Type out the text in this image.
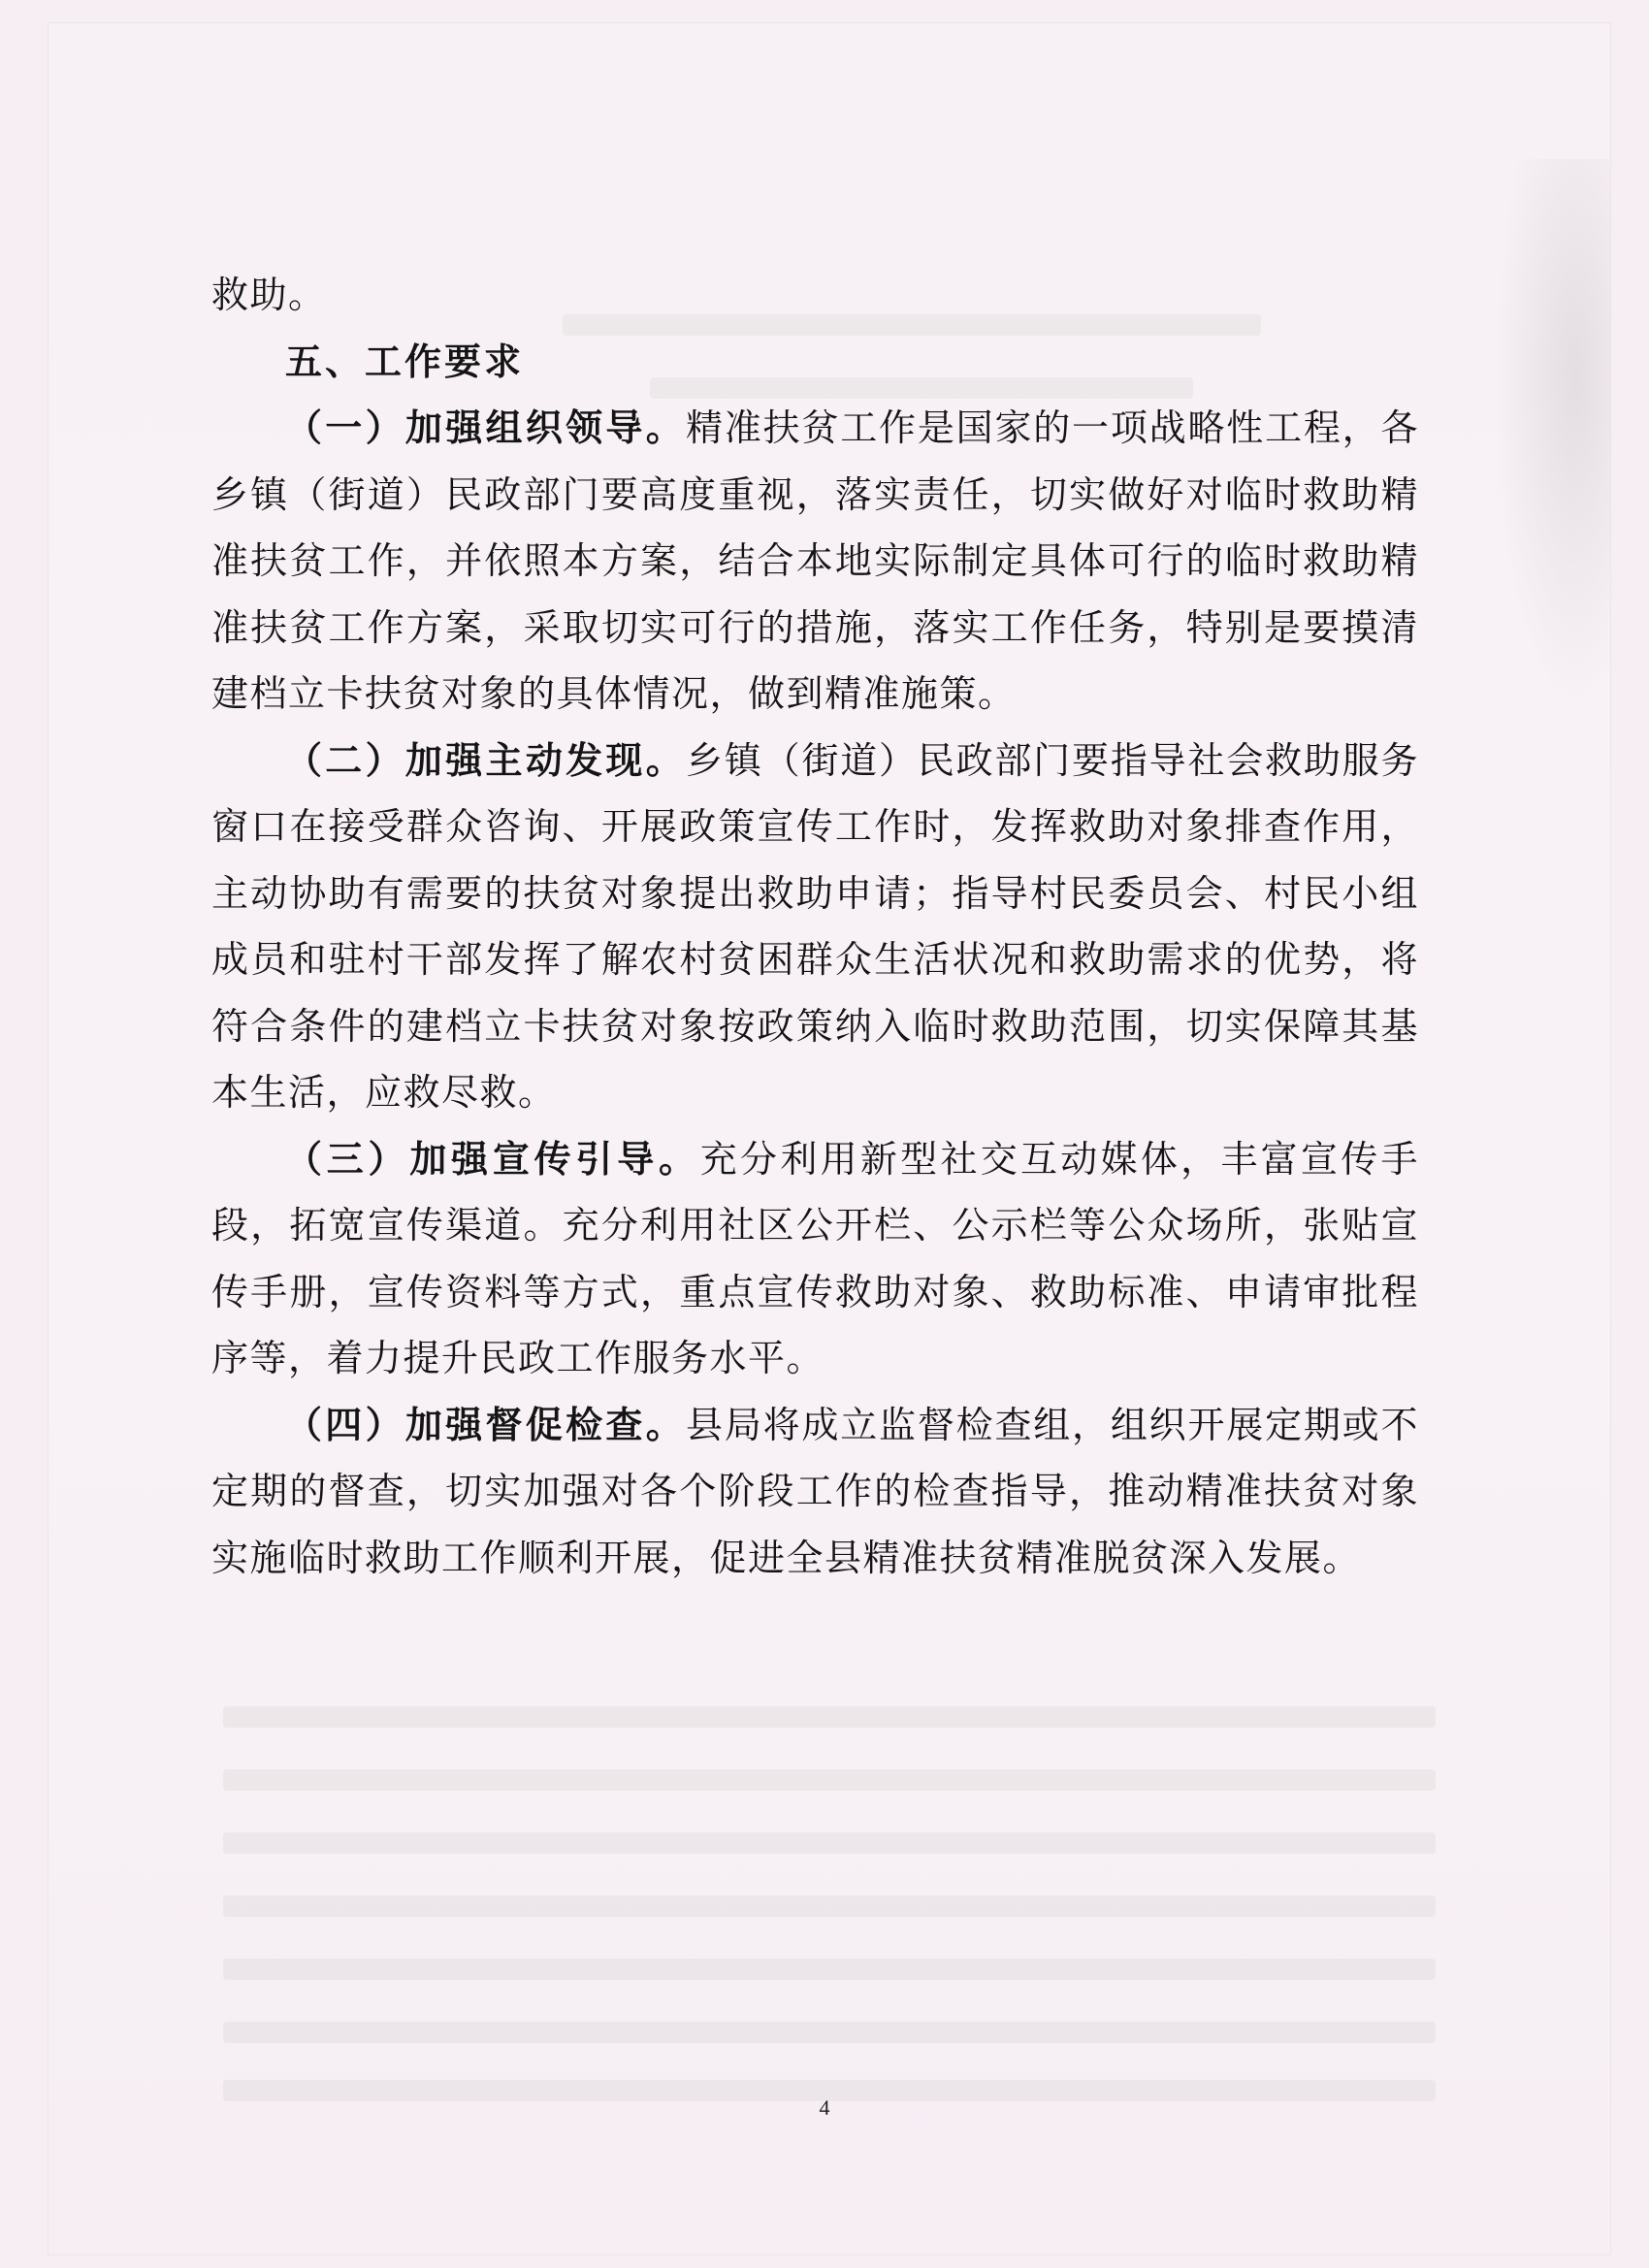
救助。

五、工作要求

（一）加强组织领导。精准扶贫工作是国家的一项战略性工程，各乡镇（街道）民政部门要高度重视，落实责任，切实做好对临时救助精准扶贫工作，并依照本方案，结合本地实际制定具体可行的临时救助精准扶贫工作方案，采取切实可行的措施，落实工作任务，特别是要摸清建档立卡扶贫对象的具体情况，做到精准施策。

（二）加强主动发现。乡镇（街道）民政部门要指导社会救助服务窗口在接受群众咨询、开展政策宣传工作时，发挥救助对象排查作用，主动协助有需要的扶贫对象提出救助申请；指导村民委员会、村民小组成员和驻村干部发挥了解农村贫困群众生活状况和救助需求的优势，将符合条件的建档立卡扶贫对象按政策纳入临时救助范围，切实保障其基本生活，应救尽救。

（三）加强宣传引导。充分利用新型社交互动媒体，丰富宣传手段，拓宽宣传渠道。充分利用社区公开栏、公示栏等公众场所，张贴宣传手册，宣传资料等方式，重点宣传救助对象、救助标准、申请审批程序等，着力提升民政工作服务水平。

（四）加强督促检查。县局将成立监督检查组，组织开展定期或不定期的督查，切实加强对各个阶段工作的检查指导，推动精准扶贫对象实施临时救助工作顺利开展，促进全县精准扶贫精准脱贫深入发展。

4
